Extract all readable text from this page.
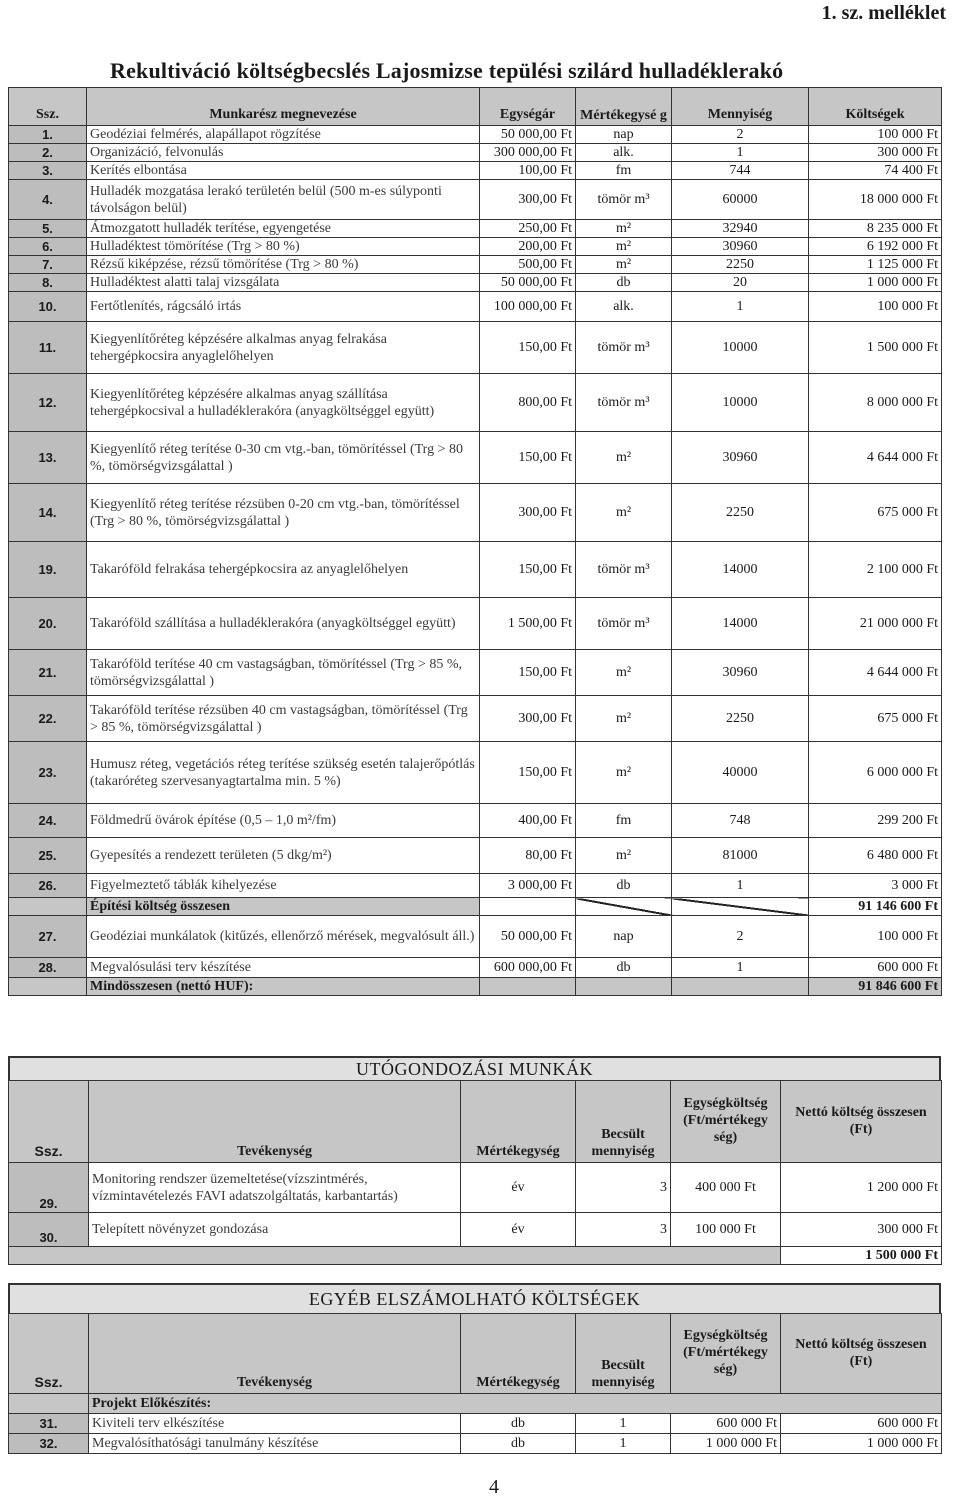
1. sz. melléklet
Rekultiváció költségbecslés Lajosmizse tepülési szilárd hulladéklerakó
Ssz.	Munkarész megnevezése	Egységár	Mértékegysé g	Mennyiség	Költségek
1.	Geodéziai felmérés, alapállapot rögzítése	50 000,00 Ft	nap	2	100 000 Ft
2.	Organizáció, felvonulás	300 000,00 Ft	alk.	1	300 000 Ft
3.	Kerítés elbontása	100,00 Ft	fm	744	74 400 Ft
4.	Hulladék mozgatása lerakó területén belül (500 m-es súlyponti távolságon belül)	300,00 Ft	tömör m³	60000	18 000 000 Ft
5.	Átmozgatott hulladék terítése, egyengetése	250,00 Ft	m²	32940	8 235 000 Ft
6.	Hulladéktest tömörítése (Trg > 80 %)	200,00 Ft	m²	30960	6 192 000 Ft
7.	Rézsű kiképzése, rézsű tömörítése (Trg > 80 %)	500,00 Ft	m²	2250	1 125 000 Ft
8.	Hulladéktest alatti talaj vizsgálata	50 000,00 Ft	db	20	1 000 000 Ft
10.	Fertőtlenítés, rágcsáló irtás	100 000,00 Ft	alk.	1	100 000 Ft
11.	Kiegyenlítőréteg képzésére alkalmas anyag felrakása tehergépkocsira anyaglelőhelyen	150,00 Ft	tömör m³	10000	1 500 000 Ft
12.	Kiegyenlítőréteg képzésére alkalmas anyag szállítása tehergépkocsival a hulladéklerakóra (anyagköltséggel együtt)	800,00 Ft	tömör m³	10000	8 000 000 Ft
13.	Kiegyenlítő réteg terítése 0-30 cm vtg.-ban, tömörítéssel (Trg > 80 %, tömörségvizsgálattal )	150,00 Ft	m²	30960	4 644 000 Ft
14.	Kiegyenlítő réteg terítése rézsüben 0-20 cm vtg.-ban, tömörítéssel (Trg > 80 %, tömörségvizsgálattal )	300,00 Ft	m²	2250	675 000 Ft
19.	Takaróföld felrakása tehergépkocsira az anyaglelőhelyen	150,00 Ft	tömör m³	14000	2 100 000 Ft
20.	Takaróföld szállítása a hulladéklerakóra (anyagköltséggel együtt)	1 500,00 Ft	tömör m³	14000	21 000 000 Ft
21.	Takaróföld terítése 40 cm vastagságban, tömörítéssel (Trg > 85 %, tömörségvizsgálattal )	150,00 Ft	m²	30960	4 644 000 Ft
22.	Takaróföld terítése rézsüben 40 cm vastagságban, tömörítéssel (Trg > 85 %, tömörségvizsgálattal )	300,00 Ft	m²	2250	675 000 Ft
23.	Humusz réteg, vegetációs réteg terítése szükség esetén talajerőpótlás (takaróréteg szervesanyagtartalma min. 5 %)	150,00 Ft	m²	40000	6 000 000 Ft
24.	Földmedrű övárok építése (0,5 – 1,0 m²/fm)	400,00 Ft	fm	748	299 200 Ft
25.	Gyepesítés a rendezett területen (5 dkg/m²)	80,00 Ft	m²	81000	6 480 000 Ft
26.	Figyelmeztető táblák kihelyezése	3 000,00 Ft	db	1	3 000 Ft
	Építési költség összesen				91 146 600 Ft
27.	Geodéziai munkálatok (kitűzés, ellenőrző mérések, megvalósult áll.)	50 000,00 Ft	nap	2	100 000 Ft
28.	Megvalósulási terv készítése	600 000,00 Ft	db	1	600 000 Ft
	Mindösszesen (nettó HUF):				91 846 600 Ft
UTÓGONDOZÁSI MUNKÁK
Ssz.	Tevékenység	Mértékegység	Becsült mennyiség	Egységköltség (Ft/mértékegy ség)	Nettó költség összesen (Ft)
29.	Monitoring rendszer üzemeltetése(vízszintmérés, vízmintavételezés FAVI adatszolgáltatás, karbantartás)	év	3	400 000 Ft	1 200 000 Ft
30.	Telepített növényzet gondozása	év	3	100 000 Ft	300 000 Ft
					1 500 000 Ft
EGYÉB ELSZÁMOLHATÓ KÖLTSÉGEK
Ssz.	Tevékenység	Mértékegység	Becsült mennyiség	Egységköltség (Ft/mértékegy ség)	Nettó költség összesen (Ft)
	Projekt Előkészítés:				
31.	Kiviteli terv elkészítése	db	1	600 000 Ft	600 000 Ft
32.	Megvalósíthatósági tanulmány készítése	db	1	1 000 000 Ft	1 000 000 Ft
4
